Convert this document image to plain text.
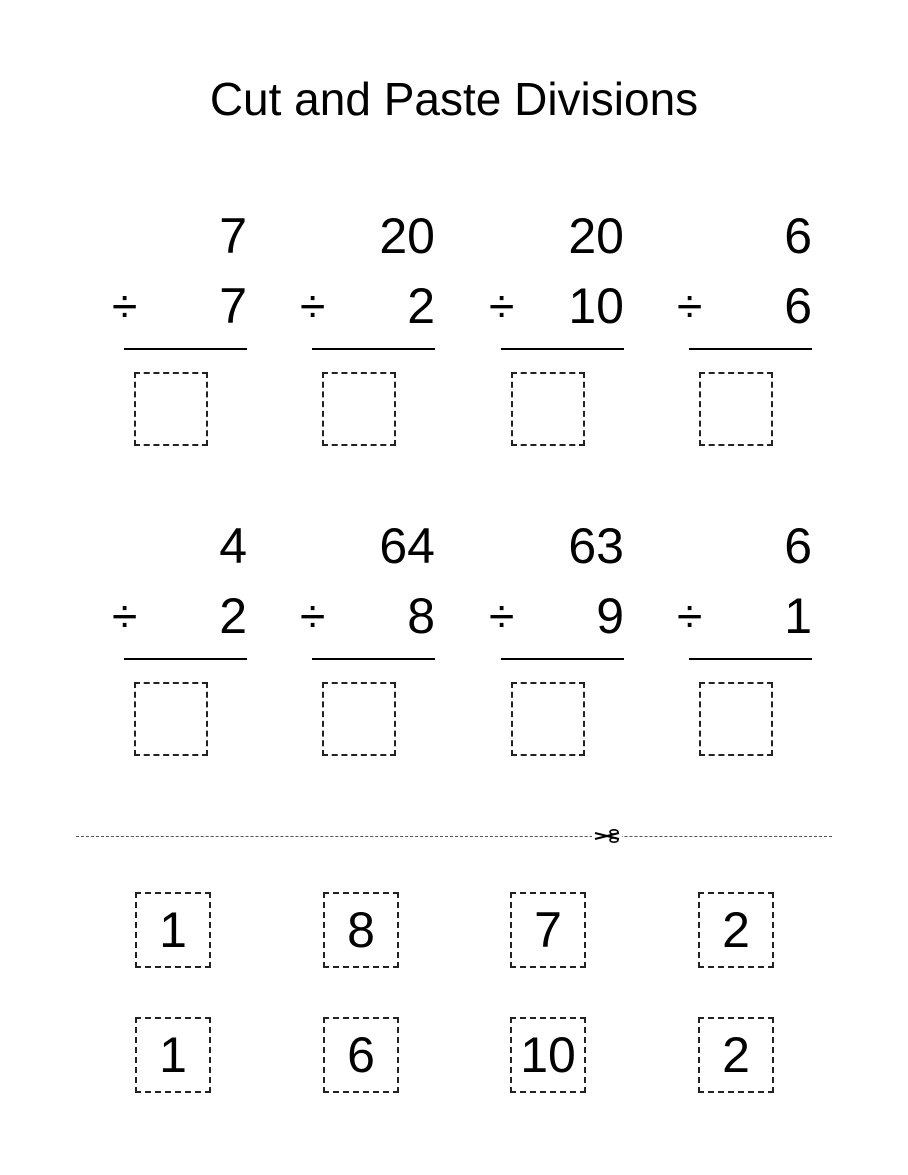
Cut and Paste Divisions
7
÷ 7
20
÷ 2
20
÷ 10
6
÷ 6
4
÷ 2
64
÷ 8
63
÷ 9
6
÷ 1
1	8	7	2
1	6	10	2
